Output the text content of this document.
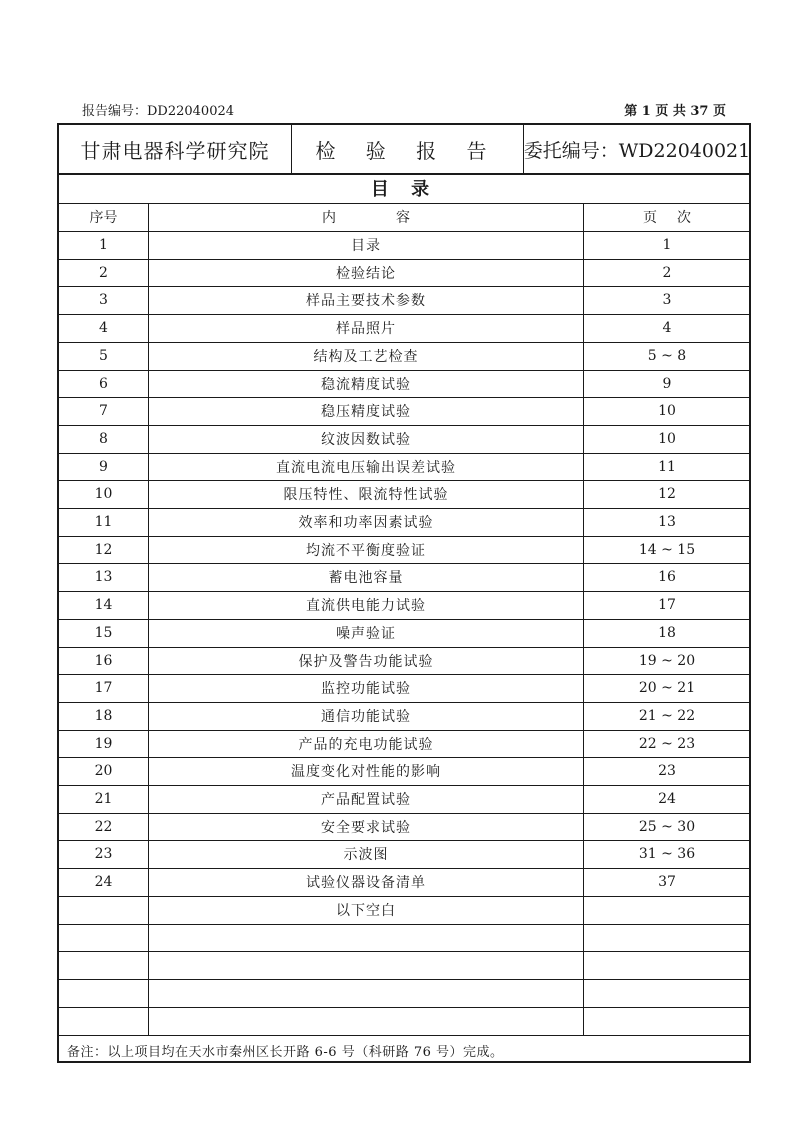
报告编号：DD22040024	第 1 页 共 37 页
甘肃电器科学研究院	检 验 报 告	委托编号：WD22040021
目 录
序号	内容	页次
1	目录	1
2	检验结论	2
3	样品主要技术参数	3
4	样品照片	4
5	结构及工艺检查	5 ~ 8
6	稳流精度试验	9
7	稳压精度试验	10
8	纹波因数试验	10
9	直流电流电压输出误差试验	11
10	限压特性、限流特性试验	12
11	效率和功率因素试验	13
12	均流不平衡度验证	14 ~ 15
13	蓄电池容量	16
14	直流供电能力试验	17
15	噪声验证	18
16	保护及警告功能试验	19 ~ 20
17	监控功能试验	20 ~ 21
18	通信功能试验	21 ~ 22
19	产品的充电功能试验	22 ~ 23
20	温度变化对性能的影响	23
21	产品配置试验	24
22	安全要求试验	25 ~ 30
23	示波图	31 ~ 36
24	试验仪器设备清单	37
以下空白
备注：以上项目均在天水市秦州区长开路 6-6 号（科研路 76 号）完成。
